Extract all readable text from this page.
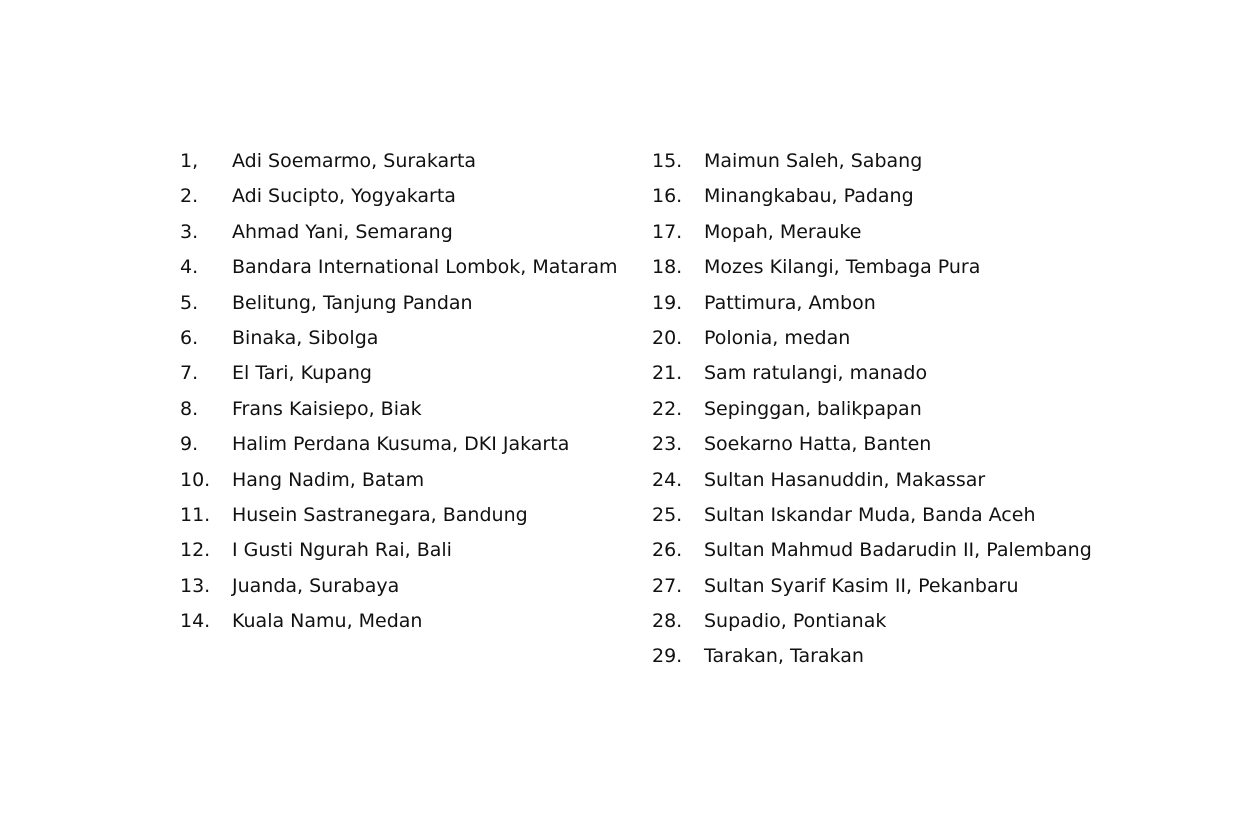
1, Adi Soemarmo, Surakarta
2. Adi Sucipto, Yogyakarta
3. Ahmad Yani, Semarang
4. Bandara International Lombok, Mataram
5. Belitung, Tanjung Pandan
6. Binaka, Sibolga
7. El Tari, Kupang
8. Frans Kaisiepo, Biak
9. Halim Perdana Kusuma, DKI Jakarta
10. Hang Nadim, Batam
11. Husein Sastranegara, Bandung
12. I Gusti Ngurah Rai, Bali
13. Juanda, Surabaya
14. Kuala Namu, Medan
15. Maimun Saleh, Sabang
16. Minangkabau, Padang
17. Mopah, Merauke
18. Mozes Kilangi, Tembaga Pura
19. Pattimura, Ambon
20. Polonia, medan
21. Sam ratulangi, manado
22. Sepinggan, balikpapan
23. Soekarno Hatta, Banten
24. Sultan Hasanuddin, Makassar
25. Sultan Iskandar Muda, Banda Aceh
26. Sultan Mahmud Badarudin II, Palembang
27. Sultan Syarif Kasim II, Pekanbaru
28. Supadio, Pontianak
29. Tarakan, Tarakan
